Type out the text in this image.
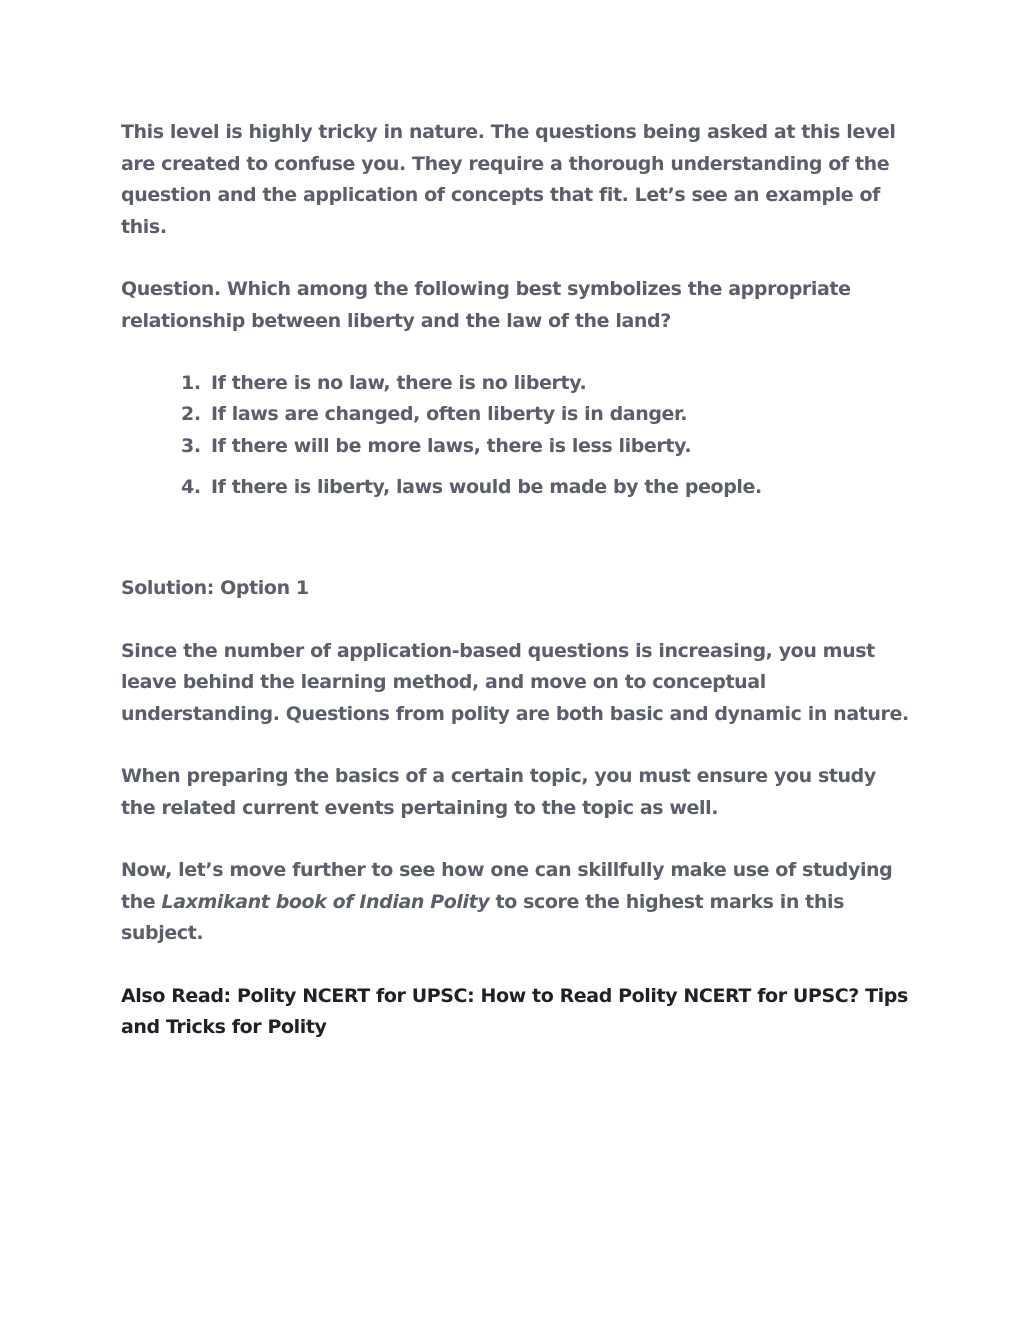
This level is highly tricky in nature. The questions being asked at this level are created to confuse you. They require a thorough understanding of the question and the application of concepts that fit. Let’s see an example of this.

Question. Which among the following best symbolizes the appropriate relationship between liberty and the law of the land?

1. If there is no law, there is no liberty.
2. If laws are changed, often liberty is in danger.
3. If there will be more laws, there is less liberty.
4. If there is liberty, laws would be made by the people.

Solution: Option 1

Since the number of application-based questions is increasing, you must leave behind the learning method, and move on to conceptual understanding. Questions from polity are both basic and dynamic in nature.

When preparing the basics of a certain topic, you must ensure you study the related current events pertaining to the topic as well.

Now, let’s move further to see how one can skillfully make use of studying the Laxmikant book of Indian Polity to score the highest marks in this subject.

Also Read: Polity NCERT for UPSC: How to Read Polity NCERT for UPSC? Tips and Tricks for Polity
